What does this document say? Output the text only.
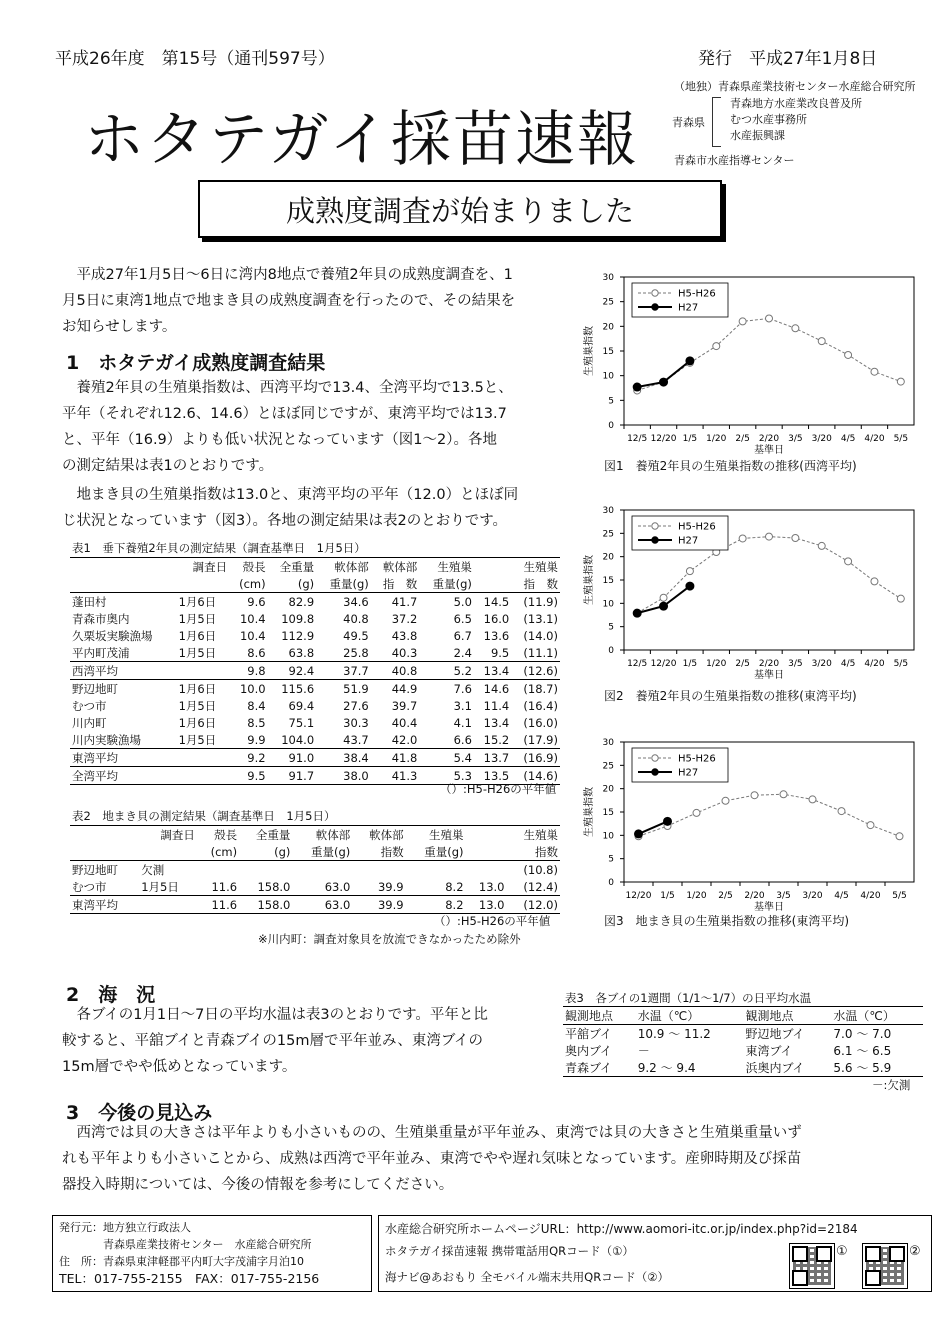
平成26年度　第15号（通刊597号）	発行　平成27年1月8日
ホタテガイ採苗速報
（地独）青森県産業技術センター水産総合研究所
青森県
青森地方水産業改良普及所
むつ水産事務所
水産振興課
青森市水産指導センター
成熟度調査が始まりました
　平成27年1月5日～6日に湾内8地点で養殖2年貝の成熟度調査を、1
月5日に東湾1地点で地まき貝の成熟度調査を行ったので、その結果を
お知らせします。
1　ホタテガイ成熟度調査結果
　養殖2年貝の生殖巣指数は、西湾平均で13.4、全湾平均で13.5と、
平年（それぞれ12.6、14.6）とほぼ同じですが、東湾平均では13.7
と、平年（16.9）よりも低い状況となっています（図1～2）。各地
の測定結果は表1のとおりです。
　地まき貝の生殖巣指数は13.0と、東湾平均の平年（12.0）とほぼ同
じ状況となっています（図3）。各地の測定結果は表2のとおりです。
表1　垂下養殖2年貝の測定結果（調査基準日　1月5日）
	調査日	殻長	全重量	軟体部	軟体部	生殖巣	生殖巣	
		(cm)	(g)	重量(g)	指　数	重量(g)	指　数	
蓬田村	1月6日	9.6	82.9	34.6	41.7	5.0	14.5	(11.9)
青森市奥内	1月5日	10.4	109.8	40.8	37.2	6.5	16.0	(13.1)
久栗坂実験漁場	1月6日	10.4	112.9	49.5	43.8	6.7	13.6	(14.0)
平内町茂浦	1月5日	8.6	63.8	25.8	40.3	2.4	9.5	(11.1)
西湾平均		9.8	92.4	37.7	40.8	5.2	13.4	(12.6)
野辺地町	1月6日	10.0	115.6	51.9	44.9	7.6	14.6	(18.7)
むつ市	1月5日	8.4	69.4	27.6	39.7	3.1	11.4	(16.4)
川内町	1月6日	8.5	75.1	30.3	40.4	4.1	13.4	(16.0)
川内実験漁場	1月5日	9.9	104.0	43.7	42.0	6.6	15.2	(17.9)
東湾平均		9.2	91.0	38.4	41.8	5.4	13.7	(16.9)
全湾平均		9.5	91.7	38.0	41.3	5.3	13.5	(14.6)
（）:H5-H26の平年値
表2　地まき貝の測定結果（調査基準日　1月5日）
	調査日	殻長	全重量	軟体部	軟体部	生殖巣	生殖巣	
		(cm)	(g)	重量(g)	指数	重量(g)	指数	
野辺地町	欠測							(10.8)
むつ市	1月5日	11.6	158.0	63.0	39.9	8.2	13.0	(12.4)
東湾平均		11.6	158.0	63.0	39.9	8.2	13.0	(12.0)
（）:H5-H26の平年値
※川内町：調査対象貝を放流できなかったため除外
0
5
10
15
20
25
30
12/5 12/20 1/5 1/20 2/5 2/20 3/5 3/20 4/5 4/20 5/5
基準日
生殖巣指数
H5-H26
H27
図1　養殖2年貝の生殖巣指数の推移(西湾平均)
0
5
10
15
20
25
30
12/5 12/20 1/5 1/20 2/5 2/20 3/5 3/20 4/5 4/20 5/5
基準日
生殖巣指数
H5-H26
H27
図2　養殖2年貝の生殖巣指数の推移(東湾平均)
0
5
10
15
20
25
30
12/20 1/5 1/20 2/5 2/20 3/5 3/20 4/5 4/20 5/5
基準日
生殖巣指数
H5-H26
H27
図3　地まき貝の生殖巣指数の推移(東湾平均)
2　海　況
　各ブイの1月1日～7日の平均水温は表3のとおりです。平年と比
較すると、平舘ブイと青森ブイの15m層で平年並み、東湾ブイの
15m層でやや低めとなっています。
表3　各ブイの1週間（1/1～1/7）の日平均水温
観測地点	水温（℃）	観測地点	水温（℃）
平舘ブイ	10.9 ～ 11.2	野辺地ブイ	7.0 ～ 7.0
奥内ブイ	－	東湾ブイ	6.1 ～ 6.5
青森ブイ	9.2 ～ 9.4	浜奥内ブイ	5.6 ～ 5.9
－:欠測
3　今後の見込み
　西湾では貝の大きさは平年よりも小さいものの、生殖巣重量が平年並み、東湾では貝の大きさと生殖巣重量いず
れも平年よりも小さいことから、成熟は西湾で平年並み、東湾でやや遅れ気味となっています。産卵時期及び採苗
器投入時期については、今後の情報を参考にしてください。
発行元：地方独立行政法人
　　　　青森県産業技術センター　水産総合研究所
住　所：青森県東津軽郡平内町大字茂浦字月泊10
TEL：017-755-2155　FAX：017-755-2156
水産総合研究所ホームページURL：http://www.aomori-itc.or.jp/index.php?id=2184
ホタテガイ採苗速報 携帯電話用QRコード（①）
海ナビ@あおもり 全モバイル端末共用QRコード（②）
①	②
